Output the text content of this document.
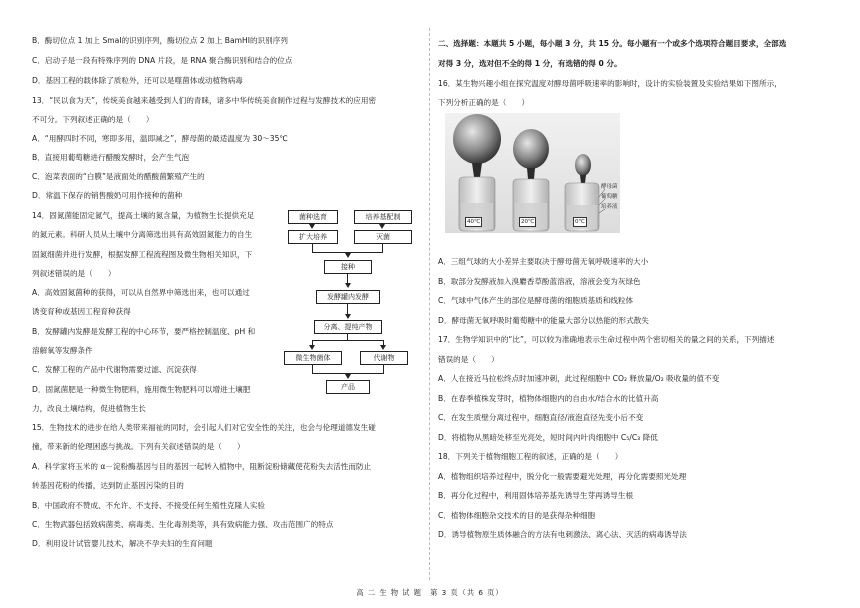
B．酶切位点 1 加上 SmaⅠ的识别序列，酶切位点 2 加上 BamHⅠ的识别序列
C．启动子是一段有特殊序列的 DNA 片段，是 RNA 聚合酶识别和结合的位点
D．基因工程的载体除了质粒外，还可以是噬菌体或动植物病毒
13．“民以食为天”，传统美食越来越受到人们的青睐，诸多中华传统美食制作过程与发酵技术的应用密
不可分。下列叙述正确的是（　　）
A．“用酵四时不同，寒即多用，温即减之”，酵母菌的最适温度为 30～35℃
B．直接用葡萄糖进行醋酸发酵时，会产生气泡
C．泡菜表面的“白膜”是液面处的醋酸菌繁殖产生的
D．常温下保存的销售酸奶可用作接种的菌种
14．固氮菌能固定氮气，提高土壤的氮含量，为植物生长提供充足
的氮元素。科研人员从土壤中分离筛选出具有高效固氮能力的自生
固氮细菌并进行发酵，根据发酵工程流程图及微生物相关知识，下
列叙述错误的是（　　）
A．高效固氮菌种的获得，可以从自然界中筛选出来，也可以通过
诱变育种或基因工程育种获得
B．发酵罐内发酵是发酵工程的中心环节，要严格控制温度、pH 和
溶解氧等发酵条件
C．发酵工程的产品中代谢物需要过滤、沉淀获得
D．固氮菌肥是一种微生物肥料，施用微生物肥料可以增进土壤肥
力，改良土壤结构，促进植物生长
15．生物技术的进步在给人类带来福祉的同时，会引起人们对它安全性的关注，也会与伦理道德发生碰
撞，带来新的伦理困惑与挑战。下列有关叙述错误的是（　　）
A．科学家将玉米的 α－淀粉酶基因与目的基因一起转入植物中，阻断淀粉储藏使花粉失去活性而防止
转基因花粉的传播，达到防止基因污染的目的
B．中国政府不赞成、不允许、不支持、不接受任何生殖性克隆人实验
C．生物武器包括致病菌类、病毒类、生化毒剂类等，具有致病能力强、攻击范围广的特点
D．利用设计试管婴儿技术，解决不孕夫妇的生育问题
菌种选育	培养基配制
扩大培养	灭菌
接种
发酵罐内发酵
分离、提纯产物
微生物菌体	代谢物
产品
二、选择题：本题共 5 小题，每小题 3 分，共 15 分。每小题有一个或多个选项符合题目要求，全部选
对得 3 分，选对但不全的得 1 分，有选错的得 0 分。
16．某生物兴趣小组在探究温度对酵母菌呼吸速率的影响时，设计的实验装置及实验结果如下图所示，
下列分析正确的是（　　）
A．三组气球的大小差异主要取决于酵母菌无氧呼吸速率的大小
B．取部分发酵液加入溴麝香草酚蓝溶液，溶液会变为灰绿色
C．气球中气体产生的部位是酵母菌的细胞质基质和线粒体
D．酵母菌无氧呼吸时葡萄糖中的能量大部分以热能的形式散失
17．生物学知识中的“比”，可以较为准确地表示生命过程中两个密切相关的量之间的关系，下列描述
错误的是（　　）
A．人在接近马拉松终点时加速冲刺，此过程细胞中 CO₂ 释放量/O₂ 吸收量的值不变
B．在春季植株发芽时，植物体细胞内的自由水/结合水的比值升高
C．在发生质壁分离过程中，细胞直径/液泡直径先变小后不变
D．将植物从黑暗处移至光亮处，短时间内叶肉细胞中 C₅/C₃ 降低
18．下列关于植物细胞工程的叙述，正确的是（　　）
A．植物组织培养过程中，脱分化一般需要避光处理，再分化需要照光处理
B．再分化过程中，利用固体培养基先诱导生芽再诱导生根
C．植物体细胞杂交技术的目的是获得杂种细胞
D．诱导植物原生质体融合的方法有电刺激法、离心法、灭活的病毒诱导法
40℃	20℃	0℃
酵母菌
葡萄糖
培养液
高 二 生 物 试 题　第 3 页（共 6 页）
